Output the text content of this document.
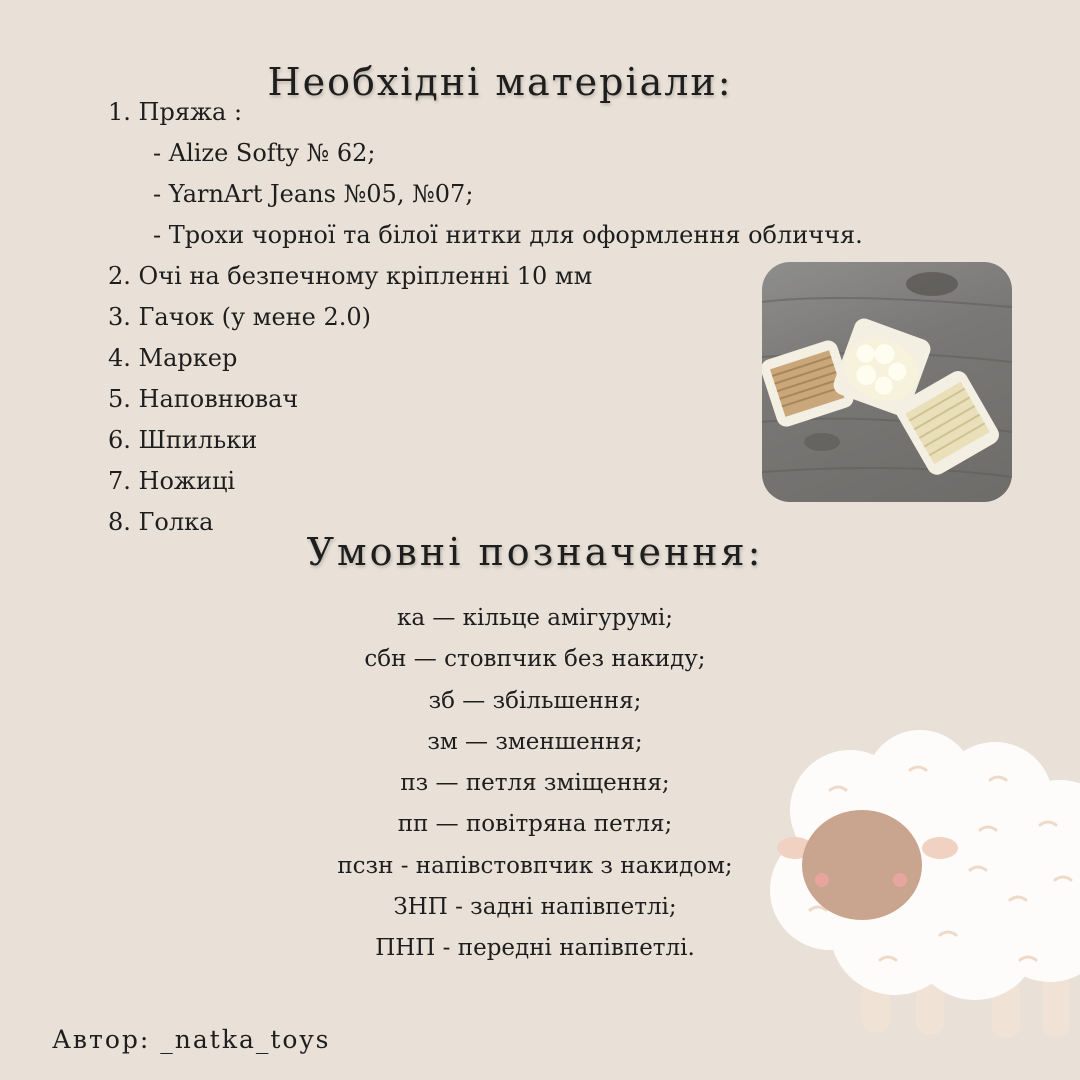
Необхідні матеріали:
1. Пряжа :
- Alize Softy № 62;
- YarnArt Jeans №05, №07;
- Трохи чорної та білої нитки для оформлення обличчя.
2. Очі на безпечному кріпленні 10 мм
3. Гачок (у мене 2.0)
4. Маркер
5. Наповнювач
6. Шпильки
7. Ножиці
8. Голка
Умовні позначення:
ка — кільце амігурумі;
сбн — стовпчик без накиду;
зб — збільшення;
зм — зменшення;
пз — петля зміщення;
пп — повітряна петля;
псзн - напівстовпчик з накидом;
ЗНП - задні напівпетлі;
ПНП - передні напівпетлі.
Автор: _natka_toys
